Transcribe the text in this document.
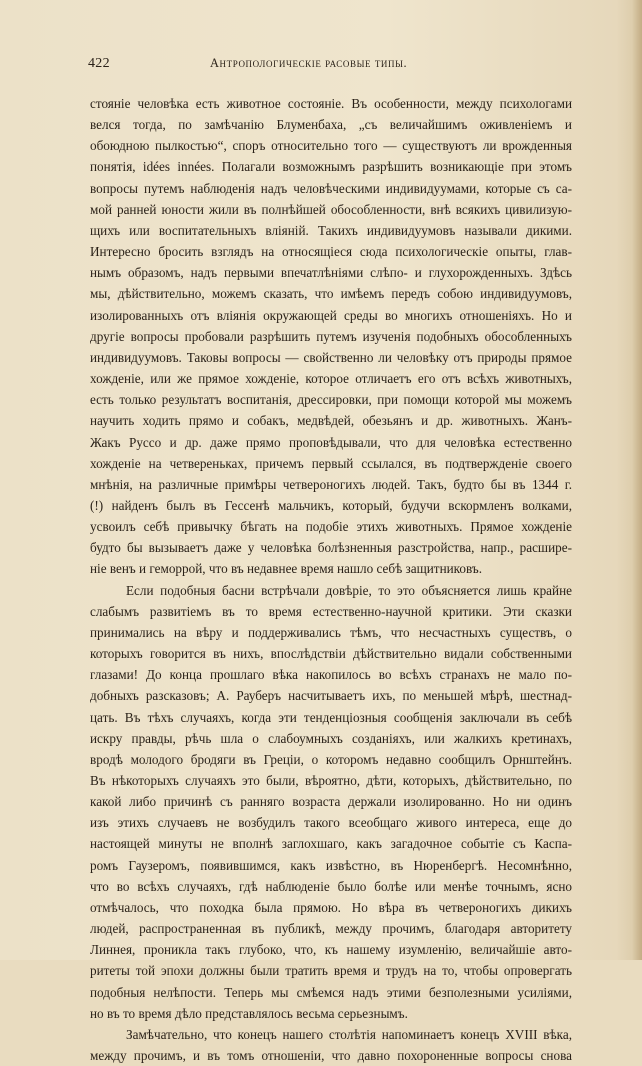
422	Антропологическіе расовые типы.

стояніе человѣка есть животное состояніе. Въ особенности, между психологами
велся тогда, по замѣчанію Блуменбаха, „съ величайшимъ оживленіемъ и
обоюдною пылкостью“, споръ относительно того — существуютъ ли врожденныя
понятія, idées innées. Полагали возможнымъ разрѣшить возникающіе при этомъ
вопросы путемъ наблюденія надъ человѣческими индивидуумами, которые съ са-
мой ранней юности жили въ полнѣйшей обособленности, внѣ всякихъ цивилизую-
щихъ или воспитательныхъ вліяній. Такихъ индивидуумовъ называли дикими.
Интересно бросить взглядъ на относящіеся сюда психологическіе опыты, глав-
нымъ образомъ, надъ первыми впечатлѣніями слѣпо- и глухорожденныхъ. Здѣсь
мы, дѣйствительно, можемъ сказать, что имѣемъ передъ собою индивидуумовъ,
изолированныхъ отъ вліянія окружающей среды во многихъ отношеніяхъ. Но и
другіе вопросы пробовали разрѣшить путемъ изученія подобныхъ обособленныхъ
индивидуумовъ. Таковы вопросы — свойственно ли человѣку отъ природы прямое
хожденіе, или же прямое хожденіе, которое отличаетъ его отъ всѣхъ животныхъ,
есть только результатъ воспитанія, дрессировки, при помощи которой мы можемъ
научить ходить прямо и собакъ, медвѣдей, обезьянъ и др. животныхъ. Жанъ-
Жакъ Руссо и др. даже прямо проповѣдывали, что для человѣка естественно
хожденіе на четвереньках, причемъ первый ссылался, въ подтвержденіе своего
мнѣнія, на различные примѣры четвероногихъ людей. Такъ, будто бы въ 1344 г.
(!) найденъ былъ въ Гессенѣ мальчикъ, который, будучи вскормленъ волками,
усвоилъ себѣ привычку бѣгать на подобіе этихъ животныхъ. Прямое хожденіе
будто бы вызываетъ даже у человѣка болѣзненныя разстройства, напр., расшире-
ніе венъ и геморрой, что въ недавнее время нашло себѣ защитниковъ.

Если подобныя басни встрѣчали довѣріе, то это объясняется лишь крайне
слабымъ развитіемъ въ то время естественно-научной критики. Эти сказки
принимались на вѣру и поддерживались тѣмъ, что несчастныхъ существъ, о
которыхъ говорится въ нихъ, впослѣдствіи дѣйствительно видали собственными
глазами! До конца прошлаго вѣка накопилось во всѣхъ странахъ не мало по-
добныхъ разсказовъ; А. Рауберъ насчитываетъ ихъ, по меньшей мѣрѣ, шестнад-
цать. Въ тѣхъ случаяхъ, когда эти тенденціозныя сообщенія заключали въ себѣ
искру правды, рѣчь шла о слабоумныхъ созданіяхъ, или жалкихъ кретинахъ,
вродѣ молодого бродяги въ Греціи, о которомъ недавно сообщилъ Орнштейнъ.
Въ нѣкоторыхъ случаяхъ это были, вѣроятно, дѣти, которыхъ, дѣйствительно, по
какой либо причинѣ съ ранняго возраста держали изолированно. Но ни одинъ
изъ этихъ случаевъ не возбудилъ такого всеобщаго живого интереса, еще до
настоящей минуты не вполнѣ заглохшаго, какъ загадочное событіе съ Каспа-
ромъ Гаузеромъ, появившимся, какъ извѣстно, въ Нюренбергѣ. Несомнѣнно,
что во всѣхъ случаяхъ, гдѣ наблюденіе было болѣе или менѣе точнымъ, ясно
отмѣчалось, что походка была прямою. Но вѣра въ четвероногихъ дикихъ
людей, распространенная въ публикѣ, между прочимъ, благодаря авторитету
Линнея, проникла такъ глубоко, что, къ нашему изумленію, величайшіе авто-
ритеты той эпохи должны были тратить время и трудъ на то, чтобы опровергать
подобныя нелѣпости. Теперь мы смѣемся надъ этими безполезными усиліями,
но въ то время дѣло представлялось весьма серьезнымъ.

Замѣчательно, что конецъ нашего столѣтія напоминаетъ конецъ XVIII вѣка,
между прочимъ, и въ томъ отношеніи, что давно похороненные вопросы снова
